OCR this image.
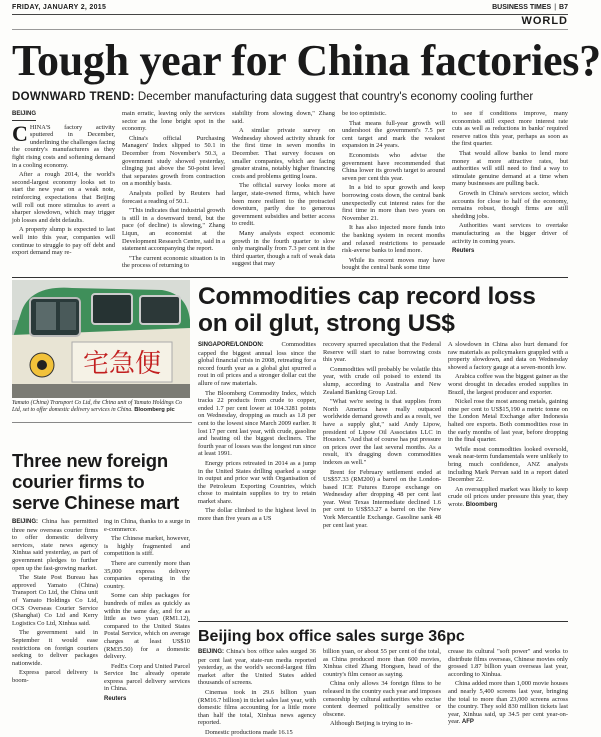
FRIDAY, JANUARY 2, 2015	BUSINESS TIMES | B7
WORLD
Tough year for China factories?
DOWNWARD TREND: December manufacturing data suggest that country's economy cooling further
BEIJING

CHINA'S factory activity sputtered in December, underlining the challenges facing the country's manufacturers as they fight rising costs and softening demand in a cooling economy.

After a rough 2014, the world's second-largest economy looks set to start the new year on a weak note, reinforcing expectations that Beijing will roll out more stimulus to avert a sharper slowdown, which may trigger job losses and debt defaults.

A property slump is expected to last well into this year, companies will continue to struggle to pay off debt and export demand may re-

main erratic, leaving only the services sector as the lone bright spot in the economy.

China's official Purchasing Managers' Index slipped to 50.1 in December from November's 50.3, a government study showed yesterday, clinging just above the 50-point level that separates growth from contraction on a monthly basis.

Analysts polled by Reuters had forecast a reading of 50.1.

"This indicates that industrial growth is still in a downward trend, but the pace (of decline) is slowing," Zhang Liqun, an economist at the Development Research Centre, said in a statement accompanying the report.

"The current economic situation is in the process of returning to

stability from slowing down," Zhang said.

A similar private survey on Wednesday showed activity shrank for the first time in seven months in December. That survey focuses on smaller companies, which are facing greater strains, notably higher financing costs and problems getting loans.

The official survey looks more at larger, state-owned firms, which have been more resilient to the protracted downturn, partly due to generous government subsidies and better access to credit.

Many analysts expect economic growth in the fourth quarter to slow only marginally from 7.3 per cent in the third quarter, though a raft of weak data suggest that may

be too optimistic.

That means full-year growth will undershoot the government's 7.5 per cent target and mark the weakest expansion in 24 years.

Economists who advise the government have recommended that China lower its growth target to around seven per cent this year.

In a bid to spur growth and keep borrowing costs down, the central bank unexpectedly cut interest rates for the first time in more than two years on November 21.

It has also injected more funds into the banking system in recent months and relaxed restrictions to persuade risk-averse banks to lend more.

While its recent moves may have bought the central bank some time

to see if conditions improve, many economists still expect more interest rate cuts as well as reductions in banks' required reserve ratios this year, perhaps as soon as the first quarter.

That would allow banks to lend more money at more attractive rates, but authorities will still need to find a way to stimulate genuine demand at a time when many businesses are pulling back.

Growth in China's services sector, which accounts for close to half of the economy, remains robust, though firms are still shedding jobs.

Authorities want services to overtake manufacturing as the bigger driver of activity in coming years.

Reuters

宅急便
Yamato (China) Transport Co Ltd, the China unit of Yamato Holdings Co Ltd, set to offer domestic delivery services in China. Bloomberg pic
Commodities cap record loss on oil glut, strong US$

SINGAPORE/LONDON:	Commodities capped the biggest annual loss since the global financial crisis in 2008, retreating for a record fourth year as a global glut spurred a rout in oil prices and a stronger dollar cut the allure of raw materials.

The Bloomberg Commodity Index, which tracks 22 products from crude to copper, ended 1.7 per cent lower at 104.3281 points on Wednesday, dropping as much as 1.8 per cent to the lowest since March 2009 earlier. It lost 17 per cent last year, with crude, gasoline and heating oil the biggest decliners. The fourth year of losses was the longest run since at least 1991.

Energy prices retreated in 2014 as a jump in the United States drilling sparked a surge in output and price war with Organisation of the Petroleum Exporting Countries, which chose to maintain supplies to try to retain market share.

The dollar climbed to the highest level in more than five years as a US

recovery spurred speculation that the Federal Reserve will start to raise borrowing costs this year.

Commodities will probably be volatile this year, with crude oil poised to extend its slump, according to Australia and New Zealand Banking Group Ltd.

"What we're seeing is that supplies from North America have really outpaced worldwide demand growth and as a result, we have a supply glut," said Andy Lipow, president of Lipow Oil Associates LLC in Houston. "And that of course has put pressure on prices over the last several months. As a result, it's dragging down commodities indexes as well."

Brent for February settlement ended at US$57.33 (RM200) a barrel on the London-based ICE Futures Europe exchange on Wednesday after dropping 48 per cent last year. West Texas Intermediate declined 1.6 per cent to US$53.27 a barrel on the New York Mercantile Exchange. Gasoline sank 48 per cent last year.

A slowdown in China also hurt demand for raw materials as policymakers grappled with a property slowdown, and data on Wednesday showed a factory gauge at a seven-month low.

Arabica coffee was the biggest gainer as the worst drought in decades eroded supplies in Brazil, the largest producer and exporter.

Nickel rose the most among metals, gaining nine per cent to US$15,190 a metric tonne on the London Metal Exchange after Indonesia halted ore exports. Both commodities rose in the early months of last year, before dropping in the final quarter.

While most commodities looked oversold, weak near-term fundamentals were unlikely to bring much confidence, ANZ analysts including Mark Pervan said in a report dated December 22.

An oversupplied market was likely to keep crude oil prices under pressure this year, they wrote. Bloomberg

Three new foreign courier firms to serve Chinese mart

BEIJING: China has permitted three new overseas courier firms to offer domestic delivery services, state news agency Xinhua said yesterday, as part of government pledges to further open up the fast-growing market.

The State Post Bureau has approved Yamato (China) Transport Co Ltd, the China unit of Yamato Holdings Co Ltd, OCS Overseas Courier Service (Shanghai) Co Ltd and Kerry Logistics Co Ltd, Xinhua said.

The government said in September it would ease restrictions on foreign couriers seeking to deliver packages nationwide.

Express parcel delivery is boom-

ing in China, thanks to a surge in e-commerce.

The Chinese market, however, is highly fragmented and competition is stiff.

There are currently more than 35,000 express delivery companies operating in the country.

Some can ship packages for hundreds of miles as quickly as within the same day, and for as little as two yuan (RM1.12), compared to the United States Postal Service, which on average charges at least US$10 (RM35.50) for a domestic delivery.

FedEx Corp and United Parcel Service Inc already operate express parcel delivery services in China.

Reuters

Beijing box office sales surge 36pc

BEIJING: China's box office sales surged 36 per cent last year, state-run media reported yesterday, as the world's second-largest film market after the United States added thousands of screens.

Cinemas took in 29.6 billion yuan (RM16.7 billion) in ticket sales last year, with domestic films accounting for a little more than half the total, Xinhua news agency reported.

Domestic productions made 16.15

billion yuan, or about 55 per cent of the total, as China produced more than 600 movies, Xinhua cited Zhang Hongsen, head of the country's film censor as saying.

China only allows 34 foreign films to be released in the country each year and imposes censorship by cultural authorities who excise content deemed politically sensitive or obscene.

Although Beijing is trying to in-

crease its cultural "soft power" and works to distribute films overseas, Chinese movies only grossed 1.87 billion yuan overseas last year, according to Xinhua.

China added more than 1,000 movie houses and nearly 5,400 screens last year, bringing the total to more than 23,000 screens across the country. They sold 830 million tickets last year, Xinhua said, up 34.5 per cent year-on-year. AFP
